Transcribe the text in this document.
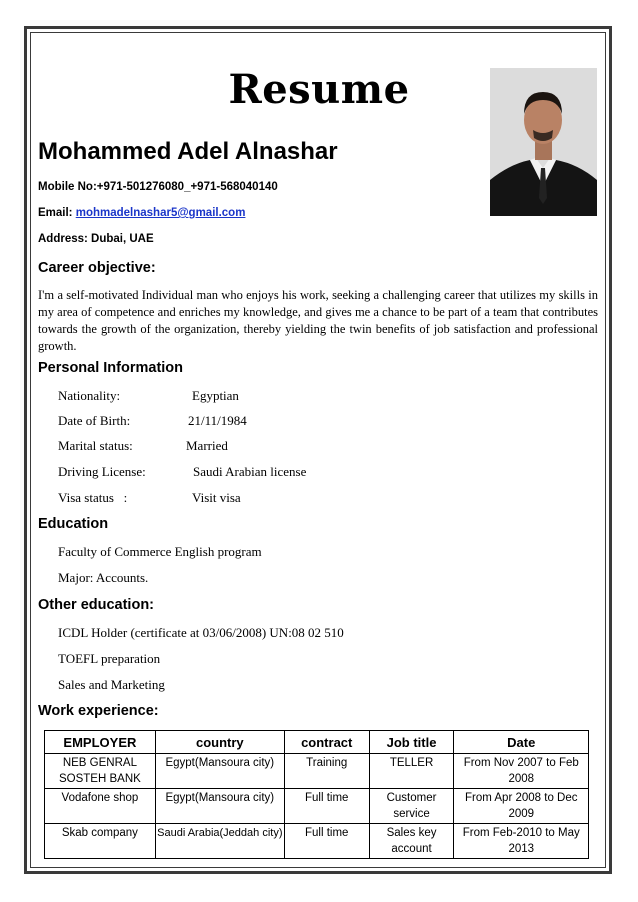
Resume
Mohammed Adel Alnashar
Mobile No:+971-501276080_+971-568040140
Email: mohmadelnashar5@gmail.com
Address: Dubai, UAE
Career objective:
I'm a self-motivated Individual man who enjoys his work, seeking a challenging career that utilizes my skills in my area of competence and enriches my knowledge, and gives me a chance to be part of a team that contributes towards the growth of the organization, thereby yielding the twin benefits of job satisfaction and professional growth.
Personal Information
Nationality:	Egyptian
Date of Birth:	21/11/1984
Marital status:	Married
Driving License:	Saudi Arabian license
Visa status   :	Visit visa
Education
Faculty of Commerce English program
Major: Accounts.
Other education:
ICDL Holder (certificate at 03/06/2008) UN:08 02 510
TOEFL preparation
Sales and Marketing
Work experience:
EMPLOYER	country	contract	Job title	Date
NEB GENRAL SOSTEH BANK	Egypt(Mansoura city)	Training	TELLER	From Nov 2007 to Feb 2008
Vodafone shop	Egypt(Mansoura city)	Full time	Customer service	From Apr 2008 to Dec 2009
Skab company	Saudi Arabia(Jeddah city)	Full time	Sales key account	From Feb-2010 to May 2013
